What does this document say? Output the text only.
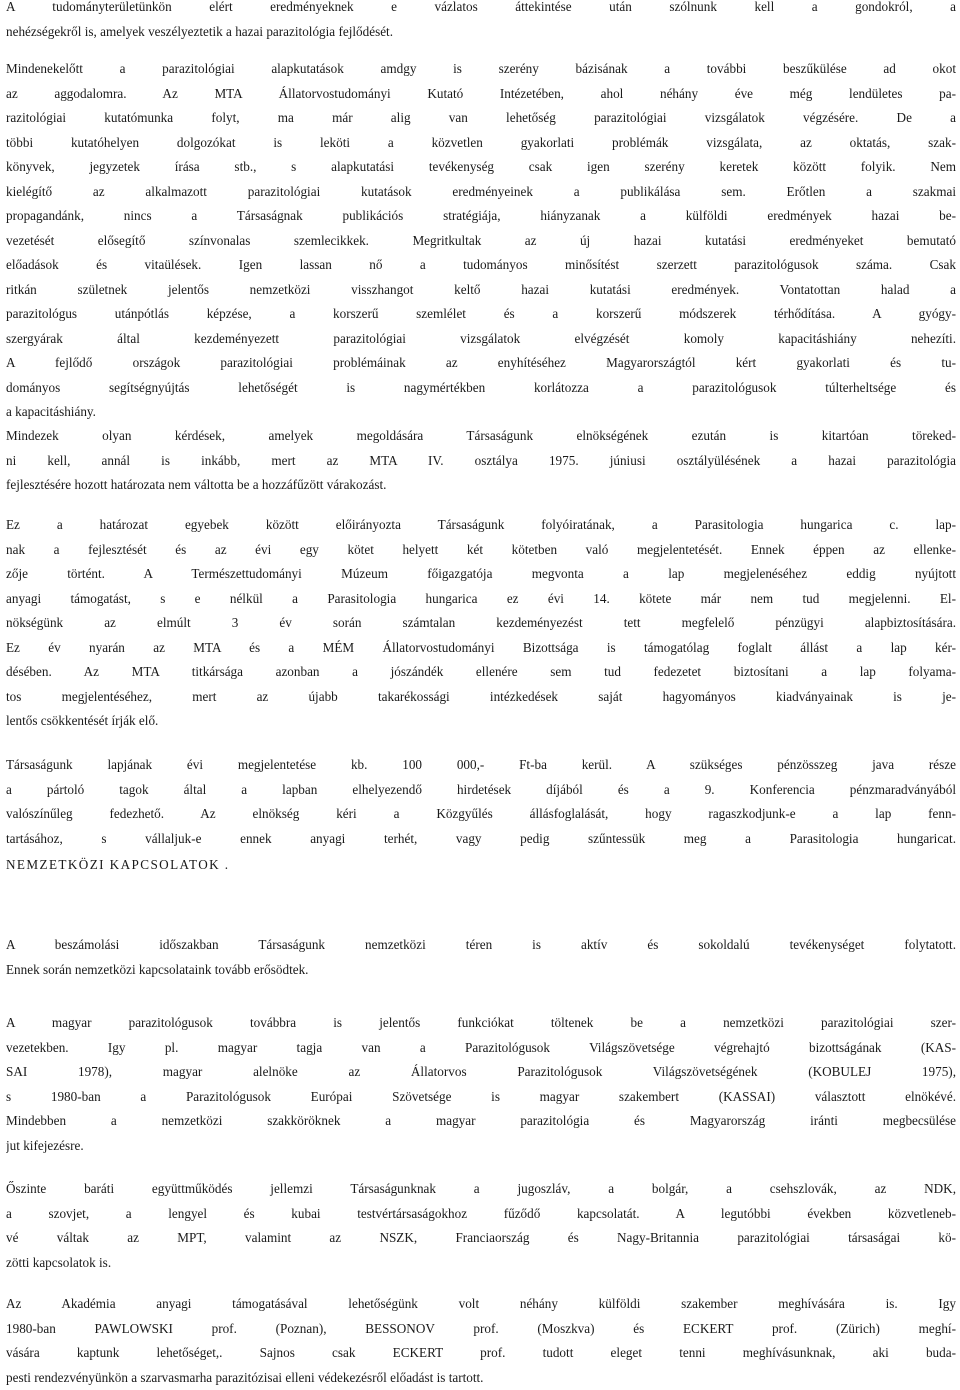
A tudományterületünkön elért eredményeknek e vázlatos áttekintése után szólnunk kell a gondokról, a
nehézségekről is, amelyek veszélyeztetik a hazai parazitológia fejlődését.
Mindenekelőtt a parazitológiai alapkutatások amdgy is szerény bázisának a további beszűkülése ad okot
az aggodalomra. Az MTA Állatorvostudományi Kutató Intézetében, ahol néhány éve még lendületes pa-
razitológiai kutatómunka folyt, ma már alig van lehetőség parazitológiai vizsgálatok végzésére. De a
többi kutatóhelyen dolgozókat is leköti a közvetlen gyakorlati problémák vizsgálata, az oktatás, szak-
könyvek, jegyzetek írása stb., s alapkutatási tevékenység csak igen szerény keretek között folyik. Nem
kielégítő az alkalmazott parazitológiai kutatások eredményeinek a publikálása sem. Erőtlen a szakmai
propagandánk, nincs a Társaságnak publikációs stratégiája, hiányzanak a külföldi eredmények hazai be-
vezetését elősegítő színvonalas szemlecikkek. Megritkultak az új hazai kutatási eredményeket bemutató
előadások és vitaülések. Igen lassan nő a tudományos minősítést szerzett parazitológusok száma. Csak
ritkán születnek jelentős nemzetközi visszhangot keltő hazai kutatási eredmények. Vontatottan halad a
parazitológus utánpótlás képzése, a korszerű szemlélet és a korszerű módszerek térhődítása. A gyógy-
szergyárak által kezdeményezett parazitológiai vizsgálatok elvégzését komoly kapacitáshiány nehezíti.
A fejlődő országok parazitológiai problémáinak az enyhítéséhez Magyarországtól kért gyakorlati és tu-
dományos segítségnyújtás lehetőségét is nagymértékben korlátozza a parazitológusok túlterheltsége és
a kapacitáshiány.
Mindezek olyan kérdések, amelyek megoldására Társaságunk elnökségének ezután is kitartóan töreked-
ni kell, annál is inkább, mert az MTA IV. osztálya 1975. júniusi osztályülésének a hazai parazitológia
fejlesztésére hozott határozata nem váltotta be a hozzáfűzött várakozást.
Ez a határozat egyebek között előirányozta Társaságunk folyóiratának, a Parasitologia hungarica c. lap-
nak a fejlesztését és az évi egy kötet helyett két kötetben való megjelentetését. Ennek éppen az ellenke-
zője történt. A Természettudományi Múzeum főigazgatója megvonta a lap megjelenéséhez eddig nyújtott
anyagi támogatást, s e nélkül a Parasitologia hungarica ez évi 14. kötete már nem tud megjelenni. El-
nökségünk az elmúlt 3 év során számtalan kezdeményezést tett megfelelő pénzügyi alapbiztosítására.
Ez év nyarán az MTA és a MÉM Állatorvostudományi Bizottsága is támogatólag foglalt állást a lap kér-
désében. Az MTA titkársága azonban a jószándék ellenére sem tud fedezetet biztosítani a lap folyama-
tos megjelentéséhez, mert az újabb takarékossági intézkedések saját hagyományos kiadványainak is je-
lentős csökkentését írják elő.
Társaságunk lapjának évi megjelentetése kb. 100 000,- Ft-ba kerül. A szükséges pénzösszeg java része
a pártoló tagok által a lapban elhelyezendő hirdetések díjából és a 9. Konferencia pénzmaradványából
valószínűleg fedezhető. Az elnökség kéri a Közgyűlés állásfoglalását, hogy ragaszkodjunk-e a lap fenn-
tartásához, s vállaljuk-e ennek anyagi terhét, vagy pedig szűntessük meg a Parasitologia hungaricat.
NEMZETKÖZI KAPCSOLATOK .
A beszámolási időszakban Társaságunk nemzetközi téren is aktív és sokoldalú tevékenységet folytatott.
Ennek során nemzetközi kapcsolataink tovább erősödtek.
A magyar parazitológusok továbbra is jelentős funkciókat töltenek be a nemzetközi parazitológiai szer-
vezetekben. Igy pl. magyar tagja van a Parazitológusok Világszövetsége végrehajtó bizottságának (KAS-
SAI 1978), magyar alelnöke az Állatorvos Parazitológusok Világszövetségének (KOBULEJ 1975),
s 1980-ban a Parazitológusok Európai Szövetsége is magyar szakembert (KASSAI) választott elnökévé.
Mindebben a nemzetközi szakköröknek a magyar parazitológia és Magyarország iránti megbecsülése
jut kifejezésre.
Őszinte baráti együttműködés jellemzi Társaságunknak a jugoszláv, a bolgár, a csehszlovák, az NDK,
a szovjet, a lengyel és kubai testvértársaságokhoz fűződő kapcsolatát. A legutóbbi években közvetleneb-
vé váltak az MPT, valamint az NSZK, Franciaország és Nagy-Britannia parazitológiai társaságai kö-
zötti kapcsolatok is.
Az Akadémia anyagi támogatásával lehetőségünk volt néhány külföldi szakember meghívására is. Igy
1980-ban PAWLOWSKI prof. (Poznan), BESSONOV prof. (Moszkva) és ECKERT prof. (Zürich) meghí-
vására kaptunk lehetőséget,. Sajnos csak ECKERT prof. tudott eleget tenni meghívásunknak, aki buda-
pesti rendezvényünkön a szarvasmarha parazitózisai elleni védekezésről előadást is tartott.
